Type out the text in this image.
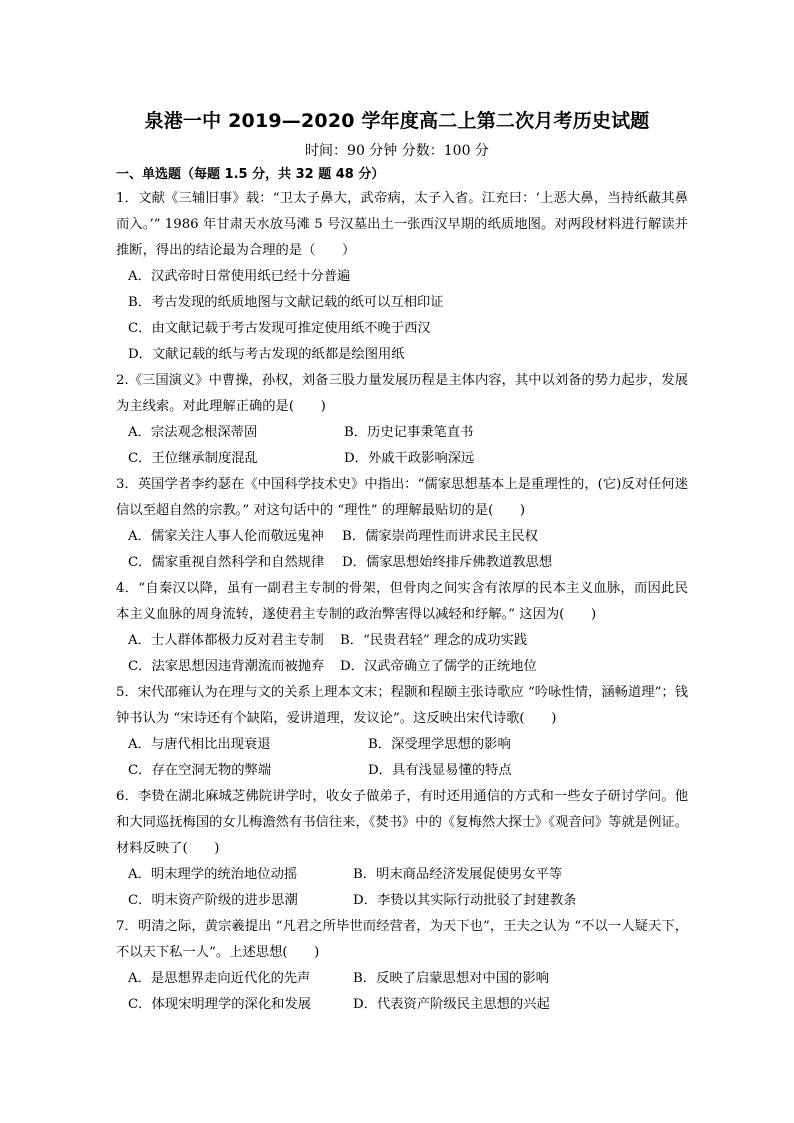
泉港一中 2019—2020 学年度高二上第二次月考历史试题
时间：90 分钟 分数：100 分
一、单选题（每题 1.5 分，共 32 题 48 分）
1．文献《三辅旧事》载：“卫太子鼻大，武帝病，太子入省。江充曰：‘上恶大鼻，当持纸蔽其鼻而入。’” 1986 年甘肃天水放马滩 5 号汉墓出土一张西汉早期的纸质地图。对两段材料进行解读并推断，得出的结论最为合理的是（　　）
A．汉武帝时日常使用纸已经十分普遍
B．考古发现的纸质地图与文献记载的纸可以互相印证
C．由文献记载于考古发现可推定使用纸不晚于西汉
D．文献记载的纸与考古发现的纸都是绘图用纸
2.《三国演义》中曹操，孙权，刘备三股力量发展历程是主体内容，其中以刘备的势力起步，发展为主线索。对此理解正确的是(　　)
A．宗法观念根深蒂固	B．历史记事秉笔直书
C．王位继承制度混乱	D．外戚干政影响深远
3．英国学者李约瑟在《中国科学技术史》中指出：“儒家思想基本上是重理性的，(它)反对任何迷信以至超自然的宗教。” 对这句话中的 “理性” 的理解最贴切的是(　　)
A．儒家关注人事人伦而敬远鬼神	B．儒家崇尚理性而讲求民主民权
C．儒家重视自然科学和自然规律	D．儒家思想始终排斥佛教道教思想
4．“自秦汉以降，虽有一副君主专制的骨架，但骨肉之间实含有浓厚的民本主义血脉，而因此民本主义血脉的周身流转，遂使君主专制的政治弊害得以减轻和纾解。” 这因为(　　)
A．士人群体都极力反对君主专制	B．“民贵君轻” 理念的成功实践
C．法家思想因违背潮流而被抛弃	D．汉武帝确立了儒学的正统地位
5．宋代邵雍认为在理与文的关系上理本文末；程颢和程颐主张诗歌应 “吟咏性情，涵畅道理”；钱钟书认为 “宋诗还有个缺陷，爱讲道理，发议论”。这反映出宋代诗歌(　　)
A．与唐代相比出现衰退	B．深受理学思想的影响
C．存在空洞无物的弊端	D．具有浅显易懂的特点
6．李贽在湖北麻城芝佛院讲学时，收女子做弟子，有时还用通信的方式和一些女子研讨学问。他和大同巡抚梅国的女儿梅澹然有书信往来，《焚书》中的《复梅然大探士》《观音问》等就是例证。材料反映了(　　)
A．明末理学的统治地位动摇	B．明末商品经济发展促使男女平等
C．明末资产阶级的进步思潮	D．李贽以其实际行动批驳了封建教条
7．明清之际，黄宗羲提出 “凡君之所毕世而经营者，为天下也”，王夫之认为 “不以一人疑天下，不以天下私一人”。上述思想(　　)
A．是思想界走向近代化的先声	B．反映了启蒙思想对中国的影响
C．体现宋明理学的深化和发展	D．代表资产阶级民主思想的兴起
